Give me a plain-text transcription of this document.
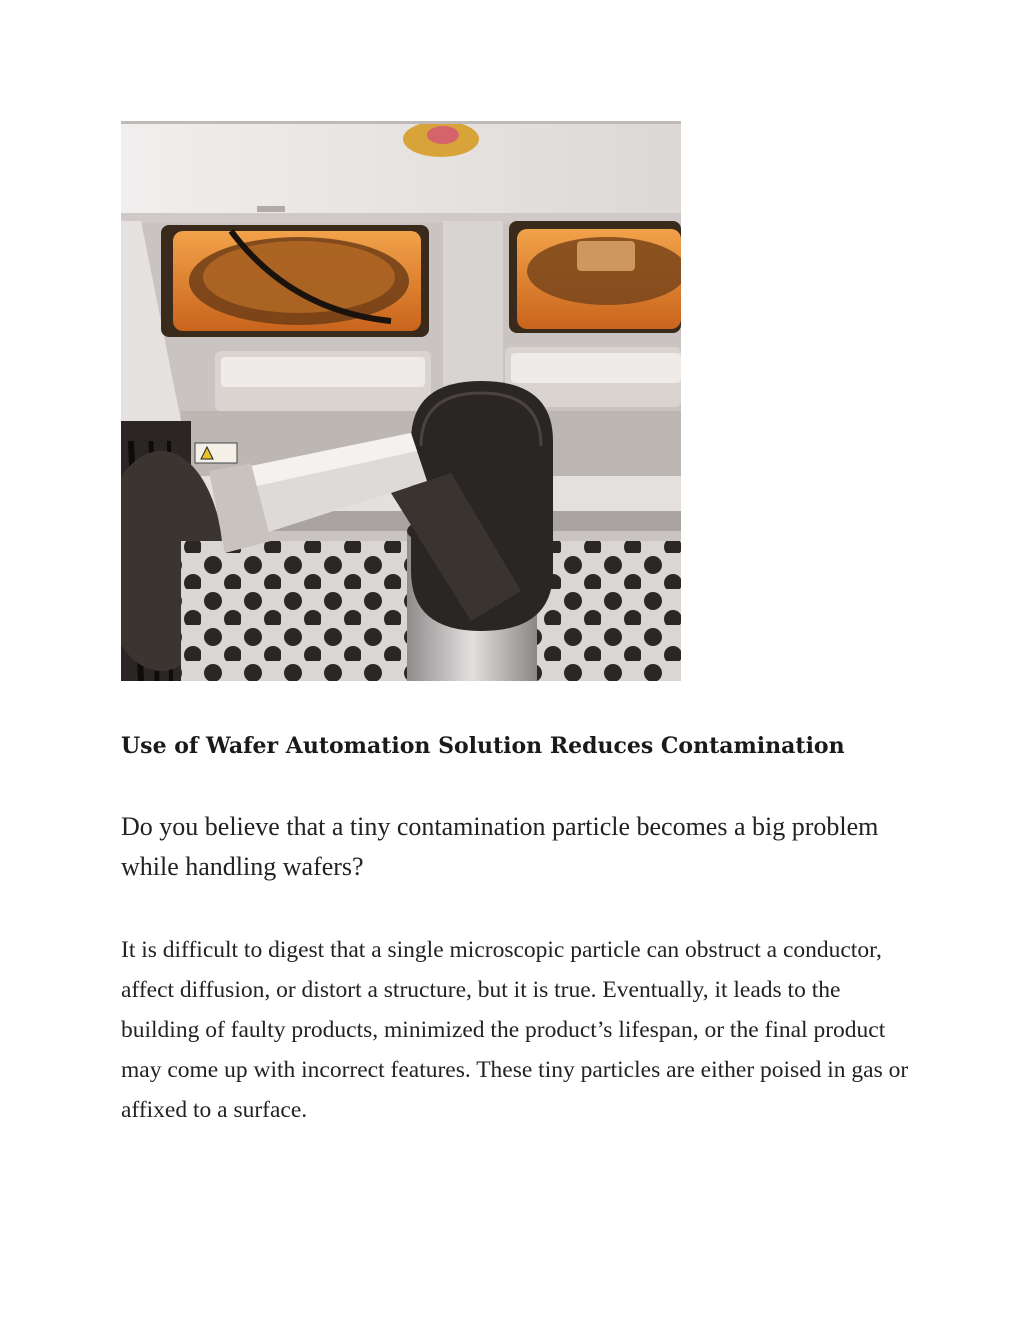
Use of Wafer Automation Solution Reduces Contamination

Do you believe that a tiny contamination particle becomes a big problem while handling wafers?

It is difficult to digest that a single microscopic particle can obstruct a conductor, affect diffusion, or distort a structure, but it is true. Eventually, it leads to the building of faulty products, minimized the product’s lifespan, or the final product may come up with incorrect features. These tiny particles are either poised in gas or affixed to a surface.
